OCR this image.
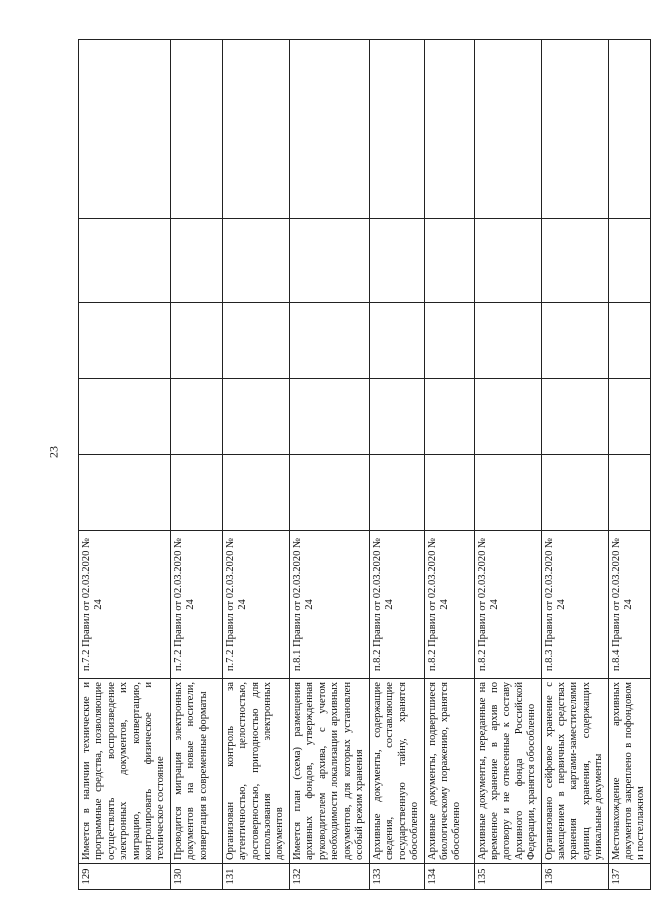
23
129	Имеется в наличии технические и программные средства, позволяющие осуществлять воспроизведение электронных документов, их миграцию, конвертацию, контролировать физическое и техническое состояние	п.7.2 Правил от 02.03.2020 № 24					
130	Проводится миграция электронных документов на новые носители, конвертация в современные форматы	п.7.2 Правил от 02.03.2020 № 24					
131	Организован контроль за аутентичностью, целостностью, достоверностью, пригодностью для использования электронных документов	п.7.2 Правил от 02.03.2020 № 24					
132	Имеется план (схема) размещения архивных фондов, утвержденная руководителем архива, с учетом необходимости локализации архивных документов, для которых установлен особый режим хранения	п.8.1 Правил от 02.03.2020 № 24					
133	Архивные документы, содержащие сведения, составляющие государственную тайну, хранятся обособленно	п.8.2 Правил от 02.03.2020 № 24					
134	Архивные документы, подвергшиеся биологическому поражению, хранятся обособленно	п.8.2 Правил от 02.03.2020 № 24					
135	Архивные документы, переданные на временное хранение в архив по договору и не отнесенные к составу Архивного фонда Российской Федерации, хранятся обособленно	п.8.2 Правил от 02.03.2020 № 24					
136	Организовано сейфовое хранение с замещением в первичных средствах хранения картами-заместителями единиц хранения, содержащих уникальные документы	п.8.3 Правил от 02.03.2020 № 24					
137	Местонахождение архивных документов закреплено в пофондовом и постеллажном	п.8.4 Правил от 02.03.2020 № 24					
